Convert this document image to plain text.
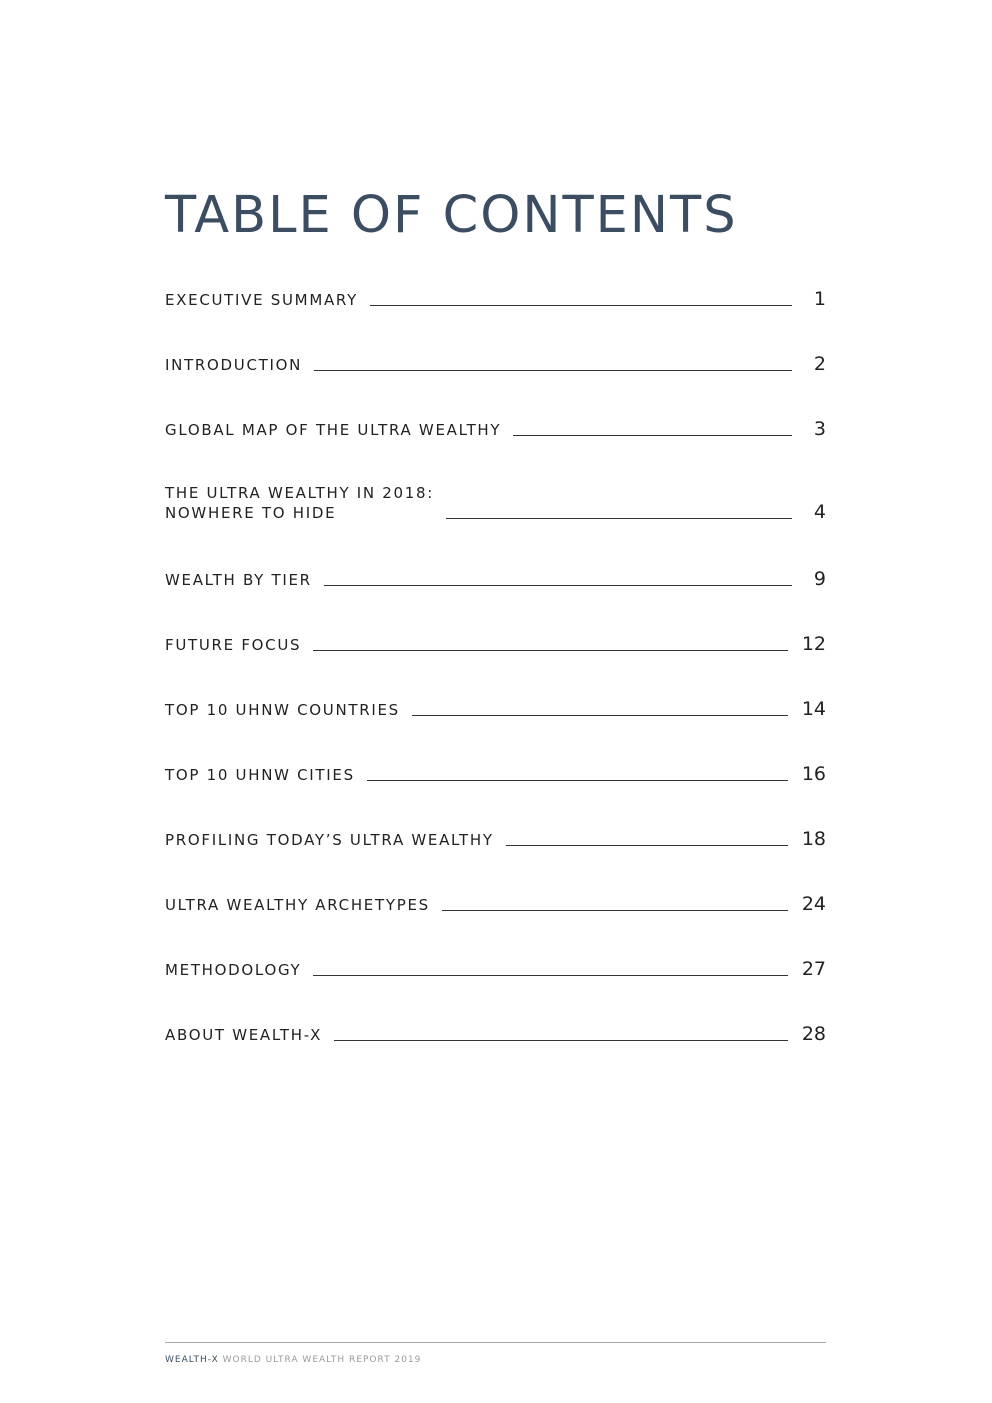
TABLE OF CONTENTS
EXECUTIVE SUMMARY	1
INTRODUCTION	2
GLOBAL MAP OF THE ULTRA WEALTHY	3
THE ULTRA WEALTHY IN 2018:
NOWHERE TO HIDE	4
WEALTH BY TIER	9
FUTURE FOCUS	12
TOP 10 UHNW COUNTRIES	14
TOP 10 UHNW CITIES	16
PROFILING TODAY’S ULTRA WEALTHY	18
ULTRA WEALTHY ARCHETYPES	24
METHODOLOGY	27
ABOUT WEALTH-X	28
WEALTH-X WORLD ULTRA WEALTH REPORT 2019
